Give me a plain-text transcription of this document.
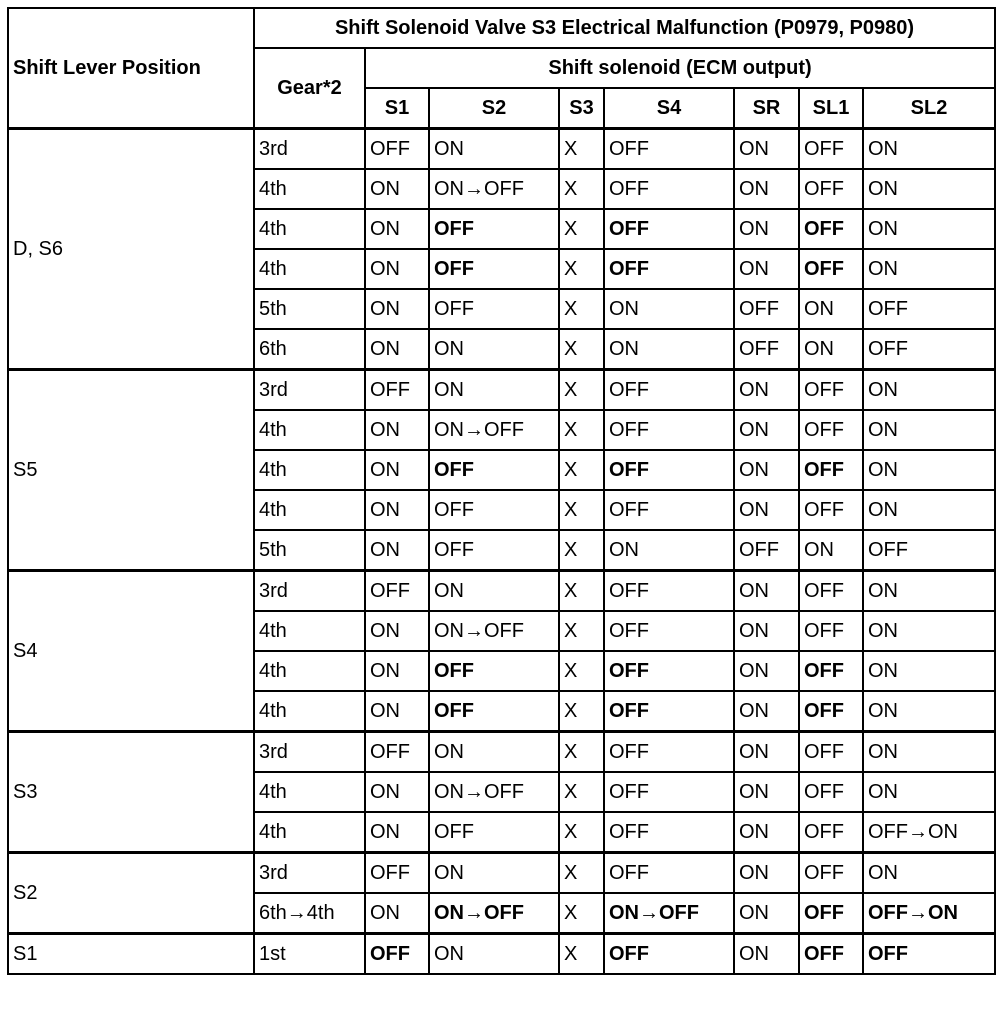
Shift Lever Position	Shift Solenoid Valve S3 Electrical Malfunction (P0979, P0980)							
	Gear*2	Shift solenoid (ECM output)						
		S1	S2	S3	S4	SR	SL1	SL2
D, S6	3rd	OFF	ON	X	OFF	ON	OFF	ON
	4th	ON	ON→OFF	X	OFF	ON	OFF	ON
	4th	ON	OFF	X	OFF	ON	OFF	ON
	4th	ON	OFF	X	OFF	ON	OFF	ON
	5th	ON	OFF	X	ON	OFF	ON	OFF
	6th	ON	ON	X	ON	OFF	ON	OFF
S5	3rd	OFF	ON	X	OFF	ON	OFF	ON
	4th	ON	ON→OFF	X	OFF	ON	OFF	ON
	4th	ON	OFF	X	OFF	ON	OFF	ON
	4th	ON	OFF	X	OFF	ON	OFF	ON
	5th	ON	OFF	X	ON	OFF	ON	OFF
S4	3rd	OFF	ON	X	OFF	ON	OFF	ON
	4th	ON	ON→OFF	X	OFF	ON	OFF	ON
	4th	ON	OFF	X	OFF	ON	OFF	ON
	4th	ON	OFF	X	OFF	ON	OFF	ON
S3	3rd	OFF	ON	X	OFF	ON	OFF	ON
	4th	ON	ON→OFF	X	OFF	ON	OFF	ON
	4th	ON	OFF	X	OFF	ON	OFF	OFF→ON
S2	3rd	OFF	ON	X	OFF	ON	OFF	ON
	6th→4th	ON	ON→OFF	X	ON→OFF	ON	OFF	OFF→ON
S1	1st	OFF	ON	X	OFF	ON	OFF	OFF
